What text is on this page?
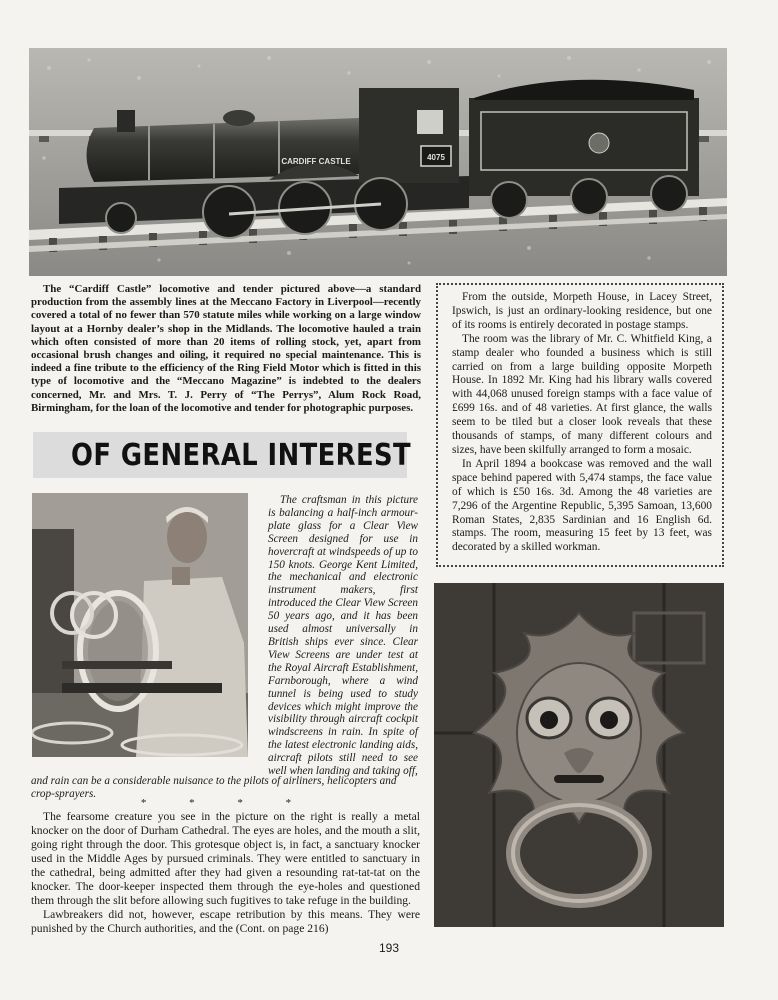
CARDIFF CASTLE	4075

The “Cardiff Castle” locomotive and tender pictured above—a standard production from the assembly lines at the Meccano Factory in Liverpool—recently covered a total of no fewer than 570 statute miles while working on a large window layout at a Hornby dealer’s shop in the Midlands. The locomotive hauled a train which often consisted of more than 20 items of rolling stock, yet, apart from occasional brush changes and oiling, it required no special maintenance. This is indeed a fine tribute to the efficiency of the Ring Field Motor which is fitted in this type of locomotive and the “Meccano Magazine” is indebted to the dealers concerned, Mr. and Mrs. T. J. Perry of “The Perrys”, Alum Rock Road, Birmingham, for the loan of the locomotive and tender for photographic purposes.

From the outside, Morpeth House, in Lacey Street, Ipswich, is just an ordinary-looking residence, but one of its rooms is entirely decorated in postage stamps.

The room was the library of Mr. C. Whitfield King, a stamp dealer who founded a business which is still carried on from a large building opposite Morpeth House. In 1892 Mr. King had his library walls covered with 44,068 unused foreign stamps with a face value of £699 16s. and of 48 varieties. At first glance, the walls seem to be tiled but a closer look reveals that these thousands of stamps, of many different colours and sizes, have been skilfully arranged to form a mosaic.

In April 1894 a bookcase was removed and the wall space behind papered with 5,474 stamps, the face value of which is £50 16s. 3d. Among the 48 varieties are 7,296 of the Argentine Republic, 5,395 Samoan, 13,600 Roman States, 2,835 Sardinian and 16 English 6d. stamps. The room, measuring 15 feet by 13 feet, was decorated by a skilled workman.

OF GENERAL INTEREST

The craftsman in this picture is balancing a half-inch armour-plate glass for a Clear View Screen designed for use in hovercraft at windspeeds of up to 150 knots. George Kent Limited, the mechanical and electronic instrument makers, first introduced the Clear View Screen 50 years ago, and it has been used almost universally in British ships ever since. Clear View Screens are under test at the Royal Aircraft Establishment, Farnborough, where a wind tunnel is being used to study devices which might improve the visibility through aircraft cockpit windscreens in rain. In spite of the latest electronic landing aids, aircraft pilots still need to see well when landing and taking off,

and rain can be a considerable nuisance to the pilots of airliners, helicopters and crop-sprayers.
* * * *

The fearsome creature you see in the picture on the right is really a metal knocker on the door of Durham Cathedral. The eyes are holes, and the mouth a slit, going right through the door. This grotesque object is, in fact, a sanctuary knocker used in the Middle Ages by pursued criminals. They were entitled to sanctuary in the cathedral, being admitted after they had given a resounding rat-tat-tat on the knocker. The door-keeper inspected them through the eye-holes and questioned them through the slit before allowing such fugitives to take refuge in the building.

Lawbreakers did not, however, escape retribution by this means. They were punished by the Church authorities, and the (Cont. on page 216)

193
